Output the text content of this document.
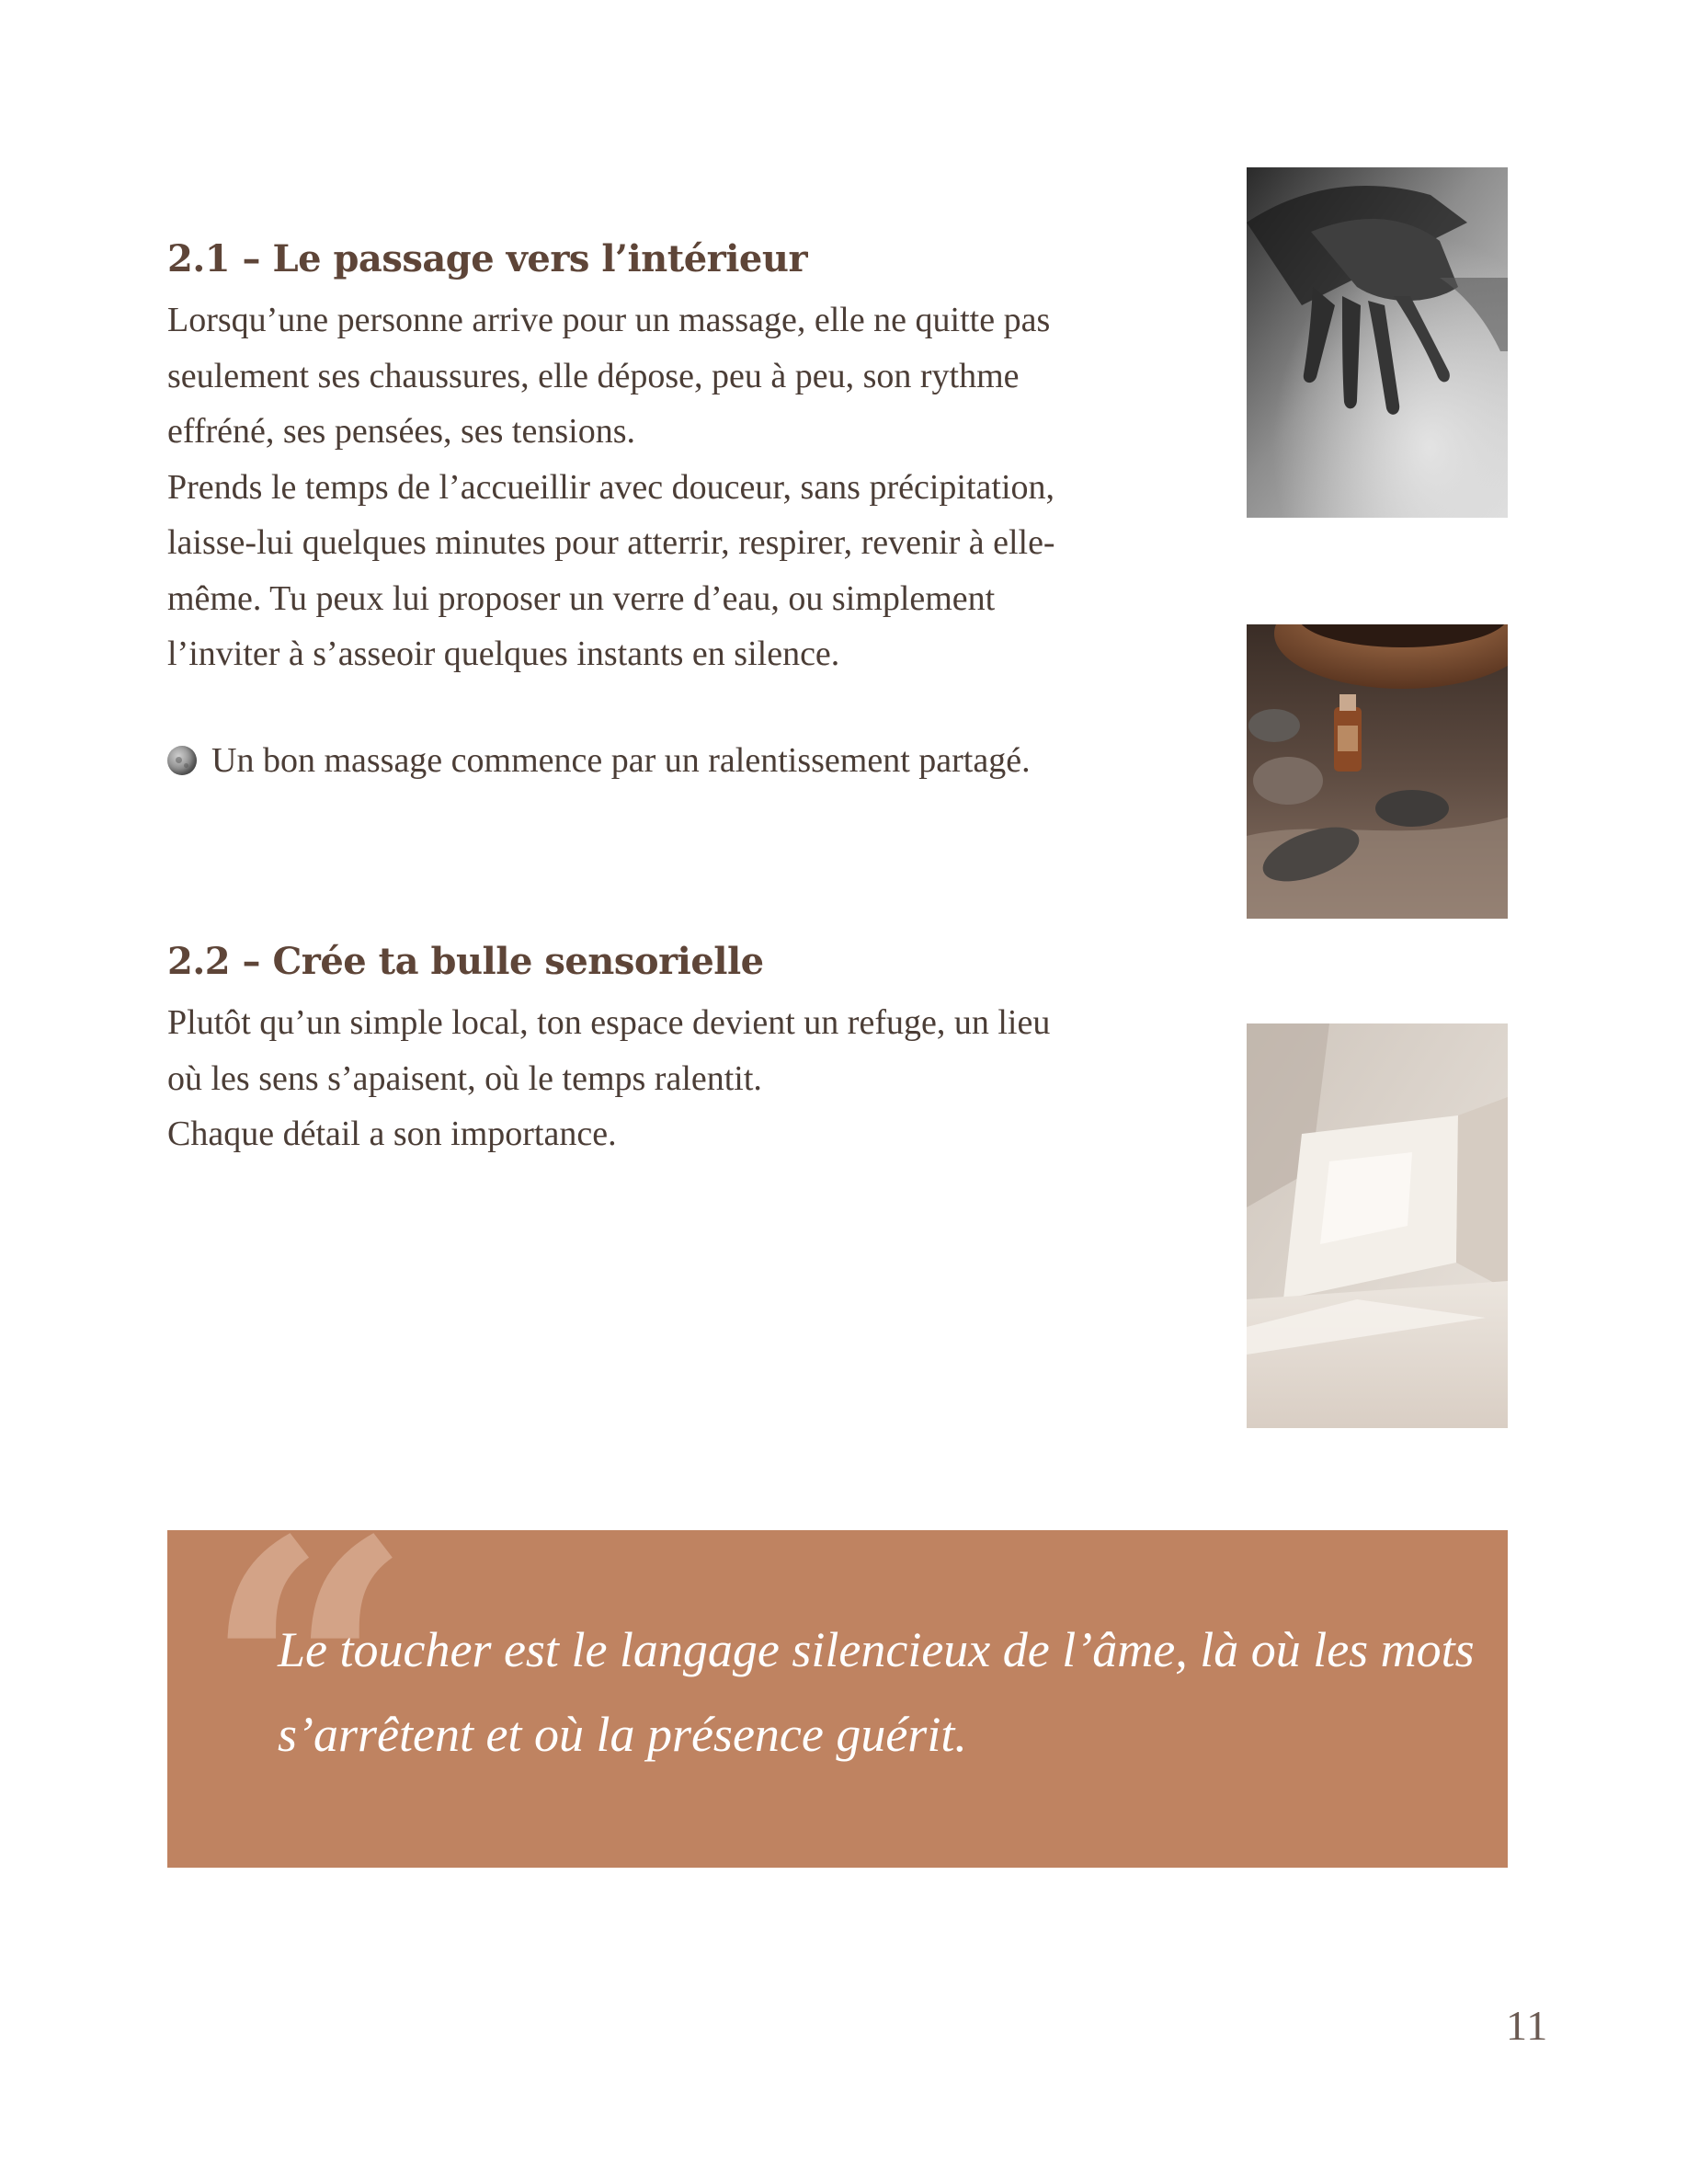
2.1 – Le passage vers l’intérieur
Lorsqu’une personne arrive pour un massage, elle ne quitte pas
seulement ses chaussures, elle dépose, peu à peu, son rythme
effréné, ses pensées, ses tensions.
Prends le temps de l’accueillir avec douceur, sans précipitation,
laisse-lui quelques minutes pour atterrir, respirer, revenir à elle-
même. Tu peux lui proposer un verre d’eau, ou simplement
l’inviter à s’asseoir quelques instants en silence.
Un bon massage commence par un ralentissement partagé.
2.2 – Crée ta bulle sensorielle
Plutôt qu’un simple local, ton espace devient un refuge, un lieu
où les sens s’apaisent, où le temps ralentit.
Chaque détail a son importance.
“
Le toucher est le langage silencieux de l’âme, là où les mots
s’arrêtent et où la présence guérit.
11
